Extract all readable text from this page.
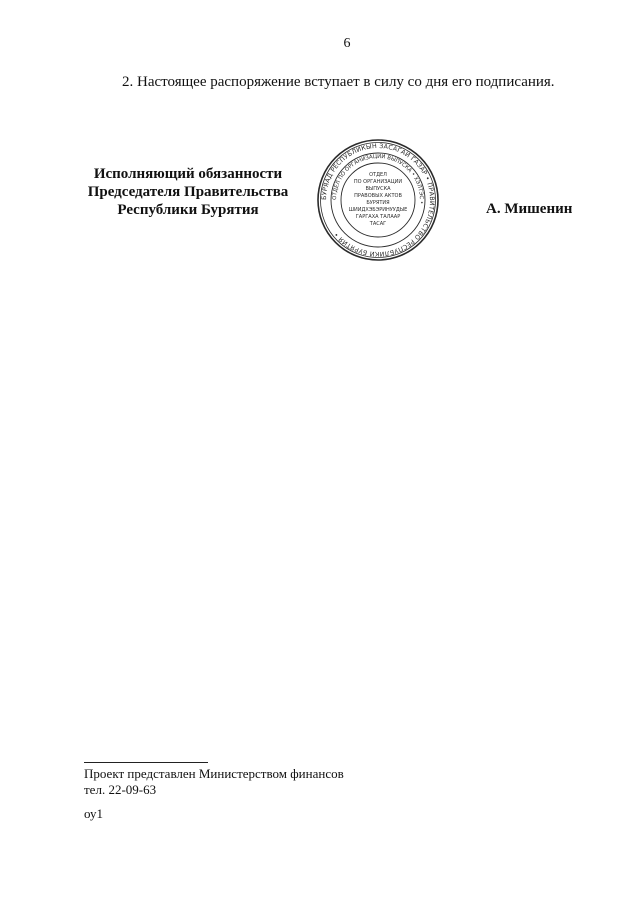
6
2. Настоящее распоряжение вступает в силу со дня его подписания.
Исполняющий обязанности
Председателя Правительства
Республики Бурятия
БУРЯАД РЕСПУБЛИКЫН ЗАСАГАЙ ГАЗАР • ПРАВИТЕЛЬСТВО РЕСПУБЛИКИ БУРЯТИЯ •
ОТДЕЛ ПО ОРГАНИЗАЦИИ ВЫПУСКА • ХЭЛТЭС •
ОТДЕЛ
ПО ОРГАНИЗАЦИИ
ВЫПУСКА
ПРАВОВЫХ АКТОВ
БУРЯТИЯ
ШИИДХЭБЭРИНУУДЫЕ
ГАРГАХА ТАЛААР
ТАСАГ
А. Мишенин
Проект представлен Министерством финансов
тел. 22-09-63
оу1
